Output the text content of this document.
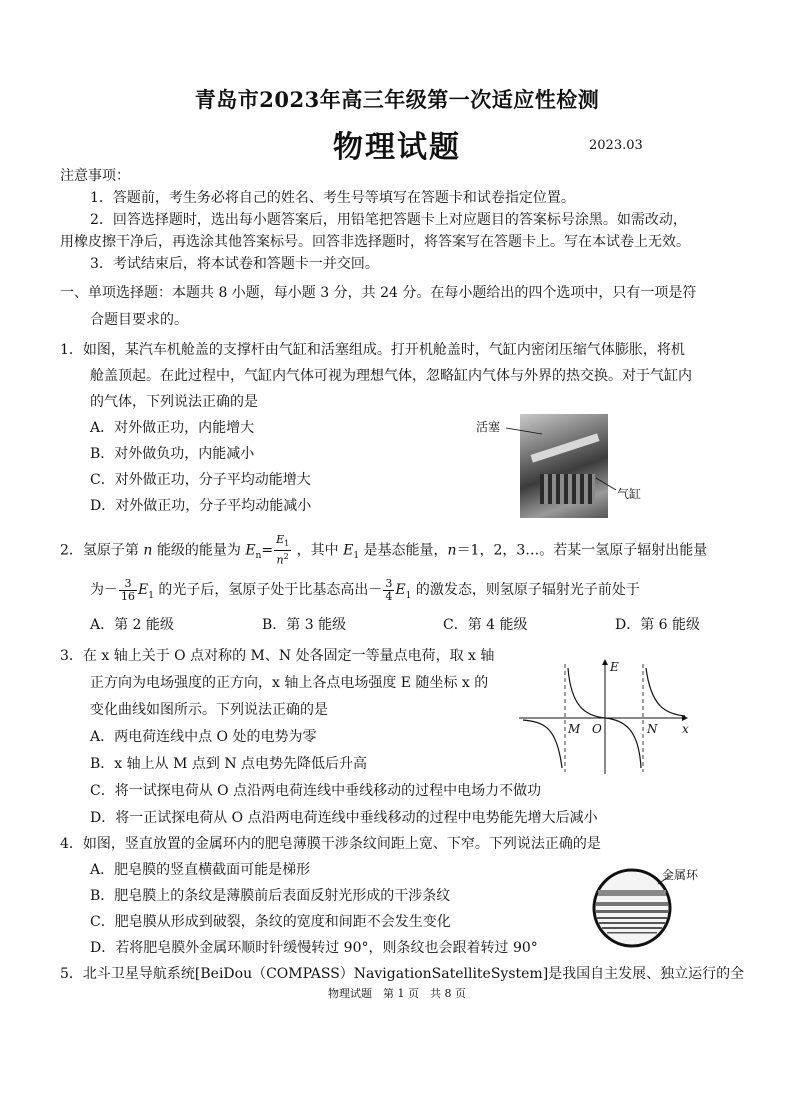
青岛市2023年高三年级第一次适应性检测
物理试题	2023.03
注意事项：
1．答题前，考生务必将自己的姓名、考生号等填写在答题卡和试卷指定位置。
2．回答选择题时，选出每小题答案后，用铅笔把答题卡上对应题目的答案标号涂黑。如需改动，
用橡皮擦干净后，再选涂其他答案标号。回答非选择题时，将答案写在答题卡上。写在本试卷上无效。
3．考试结束后，将本试卷和答题卡一并交回。
一、单项选择题：本题共 8 小题，每小题 3 分，共 24 分。在每小题给出的四个选项中，只有一项是符
合题目要求的。
1．如图，某汽车机舱盖的支撑杆由气缸和活塞组成。打开机舱盖时，气缸内密闭压缩气体膨胀，将机
舱盖顶起。在此过程中，气缸内气体可视为理想气体，忽略缸内气体与外界的热交换。对于气缸内
的气体，下列说法正确的是
A．对外做正功，内能增大
B．对外做负功，内能减小
C．对外做正功，分子平均动能增大
D．对外做正功，分子平均动能减小
活塞
气缸
2．氢原子第 n 能级的能量为 $E_n= \frac{E_1}{n^2}$ ，其中 $E_1$ 是基态能量，n＝1，2，3…。若某一氢原子辐射出能量
为－ $\frac{3}{16} E_1$ 的光子后，氢原子处于比基态高出－ $\frac{3}{4} E_1$ 的激发态，则氢原子辐射光子前处于
A．第 2 能级	B．第 3 能级	C．第 4 能级	D．第 6 能级
3．在 x 轴上关于 O 点对称的 M、N 处各固定一等量点电荷，取 x 轴
正方向为电场强度的正方向，x 轴上各点电场强度 E 随坐标 x 的
变化曲线如图所示。下列说法正确的是
A．两电荷连线中点 O 处的电势为零
B．x 轴上从 M 点到 N 点电势先降低后升高
C．将一试探电荷从 O 点沿两电荷连线中垂线移动的过程中电场力不做功
D．将一正试探电荷从 O 点沿两电荷连线中垂线移动的过程中电势能先增大后减小
E
x
M O	N
4．如图，竖直放置的金属环内的肥皂薄膜干涉条纹间距上宽、下窄。下列说法正确的是
A．肥皂膜的竖直横截面可能是梯形
B．肥皂膜上的条纹是薄膜前后表面反射光形成的干涉条纹
C．肥皂膜从形成到破裂，条纹的宽度和间距不会发生变化
D．若将肥皂膜外金属环顺时针缓慢转过 90°，则条纹也会跟着转过 90°
金属环
5．北斗卫星导航系统[BeiDou（COMPASS）NavigationSatelliteSystem]是我国自主发展、独立运行的全
物理试题　第 1 页　共 8 页
